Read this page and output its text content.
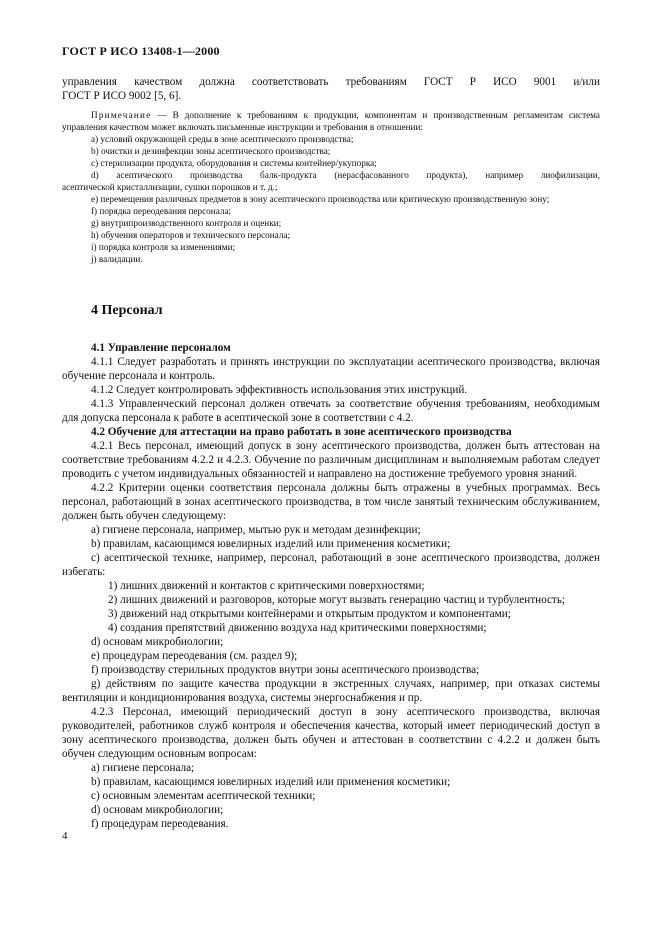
ГОСТ Р ИСО 13408-1—2000

управления качеством должна соответствовать требованиям ГОСТ Р ИСО 9001 и/или

ГОСТ Р ИСО 9002 [5, 6].

Примечание — В дополнение к требованиям к продукции, компонентам и производственным регламентам система управления качеством может включать письменные инструкции и требования в отношении:

a) условий окружающей среды в зоне асептического производства;

b) очистки и дезинфекции зоны асептического производства;

c) стерилизации продукта, оборудования и системы контейнер/укупорка;

d) асептического производства балк-продукта (нерасфасованного продукта), например лиофилизации,

асептической кристаллизации, сушки порошков и т. д.;

e) перемещения различных предметов в зону асептического производства или критическую производственную зону;

f) порядка переодевания персонала;

g) внутрипроизводственного контроля и оценки;

h) обучения операторов и технического персонала;

i) порядка контроля за изменениями;

j) валидации.

4 Персонал

4.1 Управление персоналом

4.1.1 Следует разработать и принять инструкции по эксплуатации асептического производства, включая обучение персонала и контроль.

4.1.2 Следует контролировать эффективность использования этих инструкций.

4.1.3 Управленческий персонал должен отвечать за соответствие обучения требованиям, необходимым для допуска персонала к работе в асептической зоне в соответствии с 4.2.

4.2 Обучение для аттестации на право работать в зоне асептического производства

4.2.1 Весь персонал, имеющий допуск в зону асептического производства, должен быть аттестован на соответствие требованиям 4.2.2 и 4.2.3. Обучение по различным дисциплинам и выполняемым работам следует проводить с учетом индивидуальных обязанностей и направлено на достижение требуемого уровня знаний.

4.2.2 Критерии оценки соответствия персонала должны быть отражены в учебных программах. Весь персонал, работающий в зонах асептического производства, в том числе занятый техническим обслуживанием, должен быть обучен следующему:

a) гигиене персонала, например, мытью рук и методам дезинфекции;

b) правилам, касающимся ювелирных изделий или применения косметики;

c) асептической технике, например, персонал, работающий в зоне асептического производства, должен избегать:

1) лишних движений и контактов с критическими поверхностями;

2) лишних движений и разговоров, которые могут вызвать генерацию частиц и турбулентность;

3) движений над открытыми контейнерами и открытым продуктом и компонентами;

4) создания препятствий движению воздуха над критическими поверхностями;

d) основам микробиологии;

e) процедурам переодевания (см. раздел 9);

f) производству стерильных продуктов внутри зоны асептического производства;

g) действиям по защите качества продукции в экстренных случаях, например, при отказах системы вентиляции и кондиционирования воздуха, системы энергоснабжения и пр.

4.2.3 Персонал, имеющий периодический доступ в зону асептического производства, включая руководителей, работников служб контроля и обеспечения качества, который имеет периодический доступ в зону асептического производства, должен быть обучен и аттестован в соответствии с 4.2.2 и должен быть обучен следующим основным вопросам:

a) гигиене персонала;

b) правилам, касающимся ювелирных изделий или применения косметики;

c) основным элементам асептической техники;

d) основам микробиологии;

f) процедурам переодевания.

4
